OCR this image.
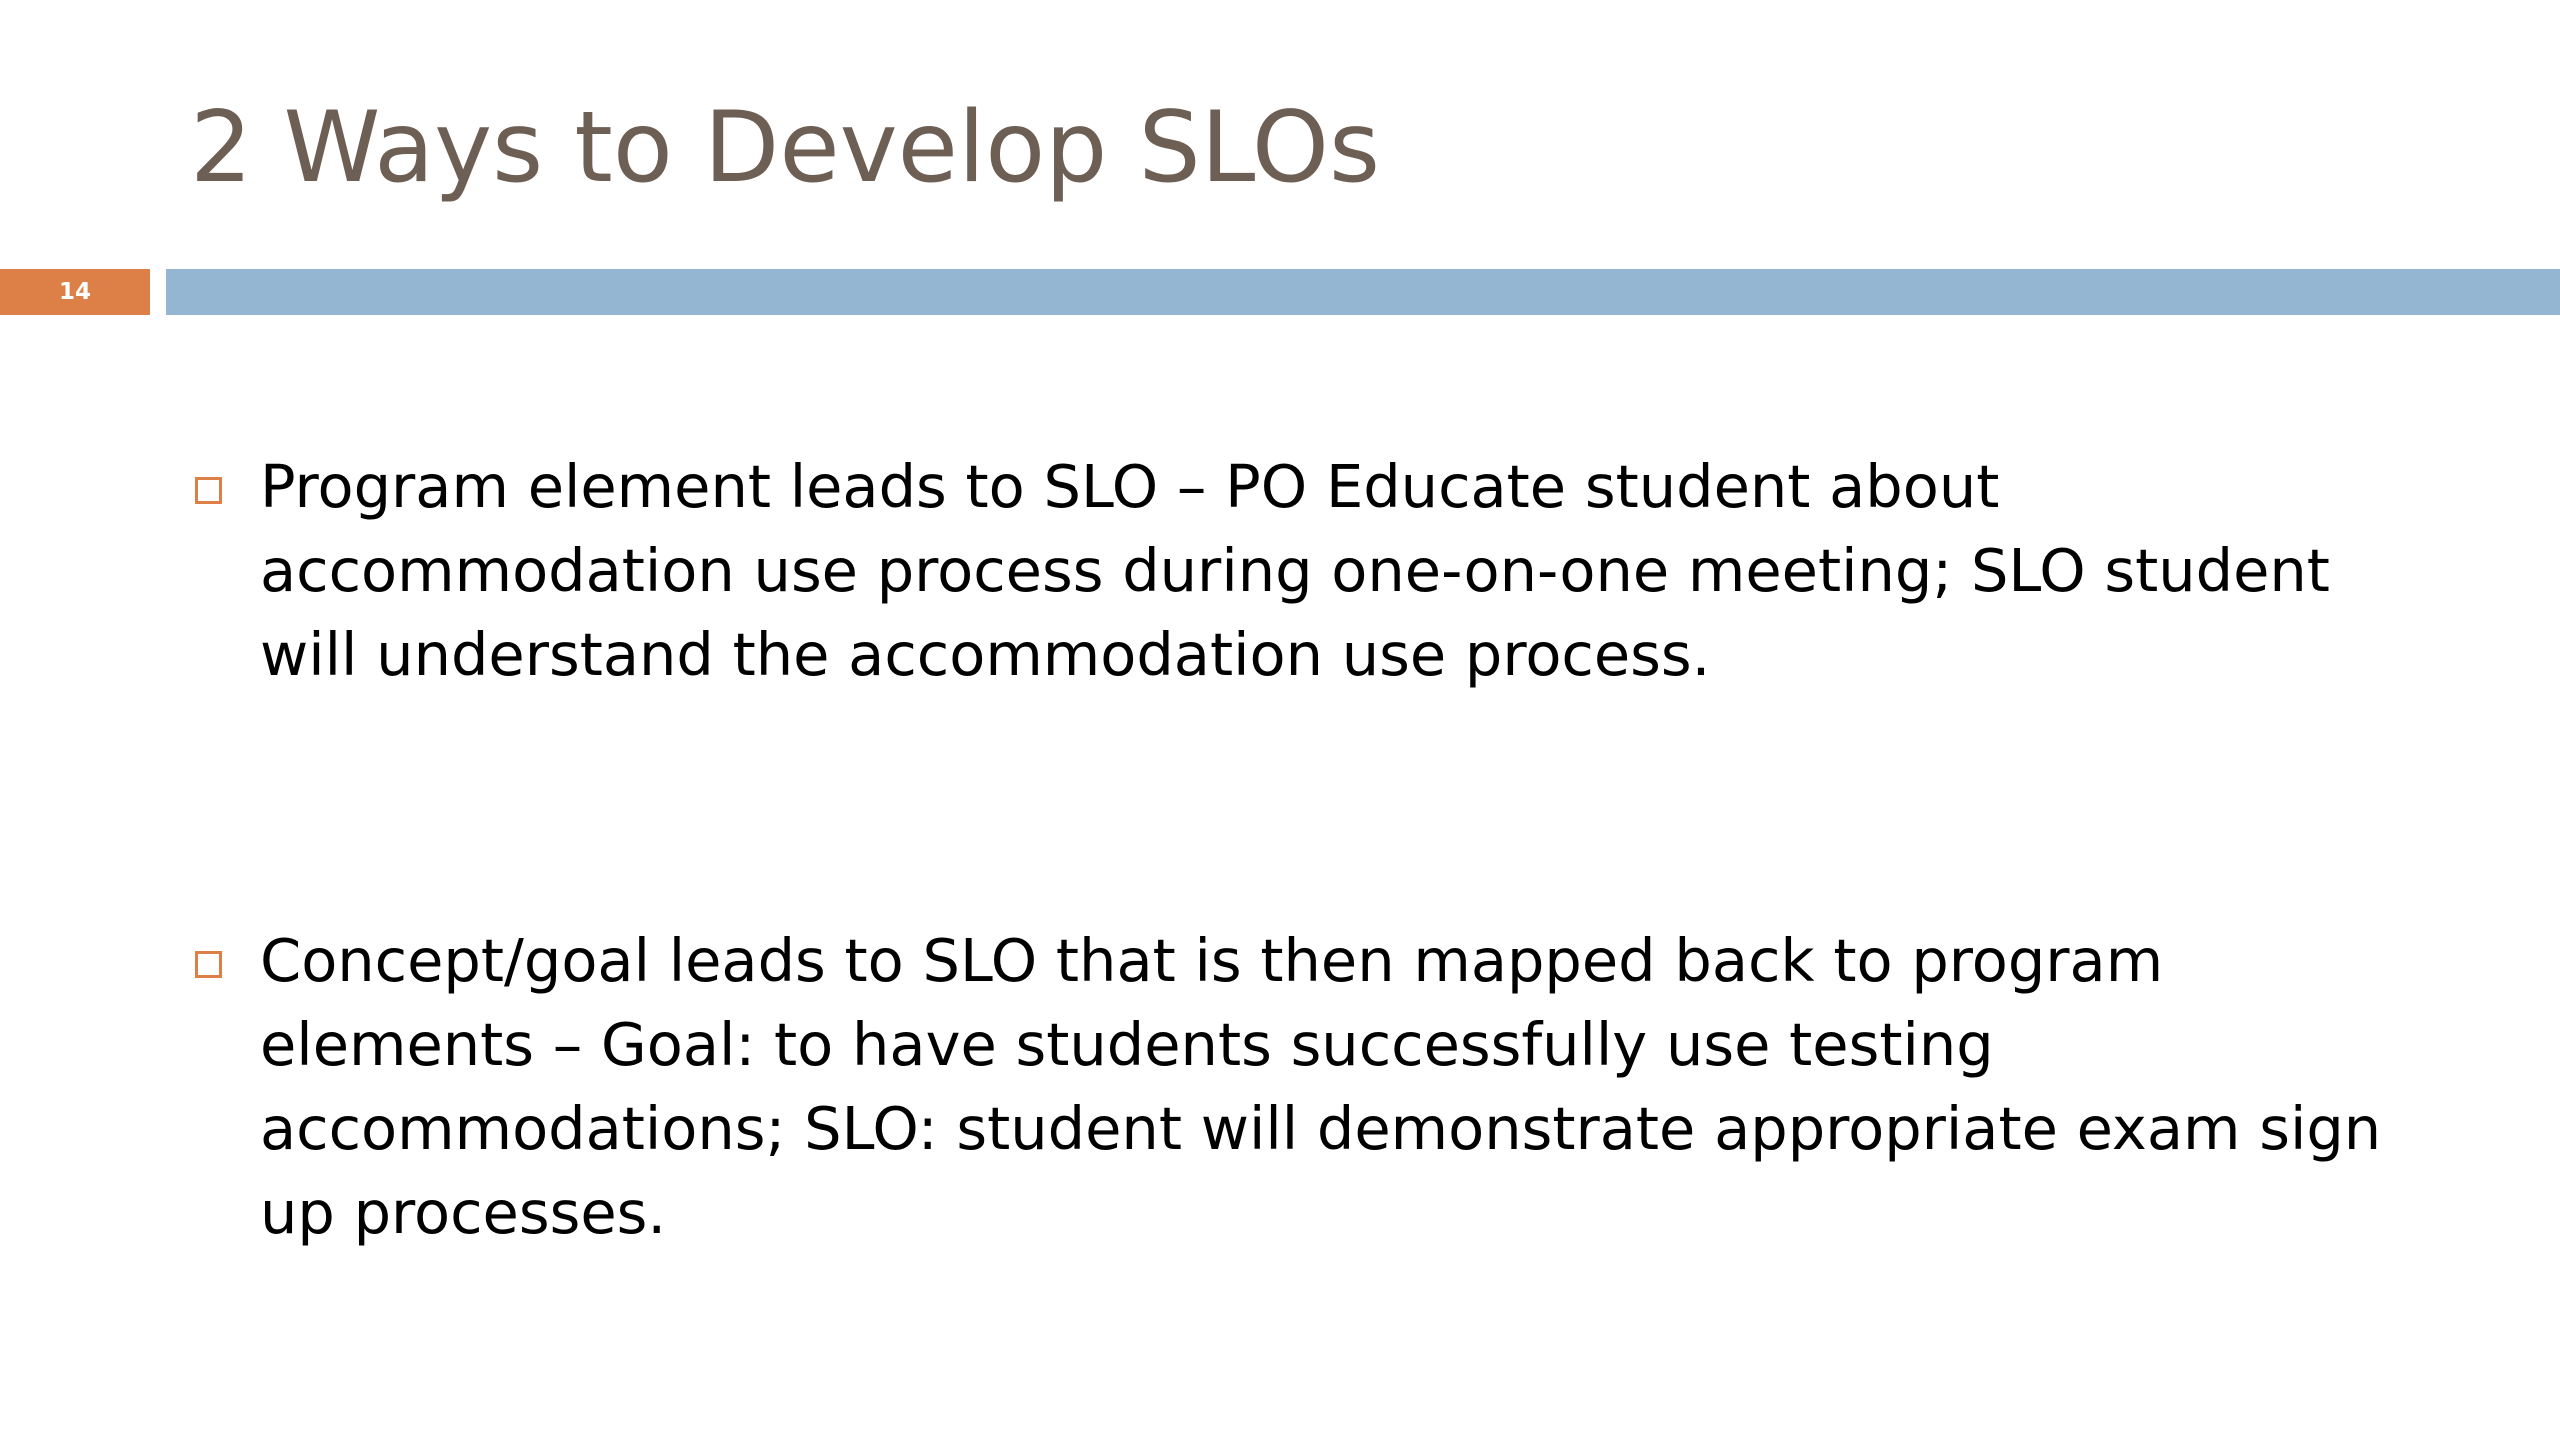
2 Ways to Develop SLOs
14
Program element leads to SLO – PO Educate student about accommodation use process during one-on-one meeting; SLO student will understand the accommodation use process.
Concept/goal leads to SLO that is then mapped back to program elements – Goal: to have students successfully use testing accommodations; SLO: student will demonstrate appropriate exam sign up processes.
